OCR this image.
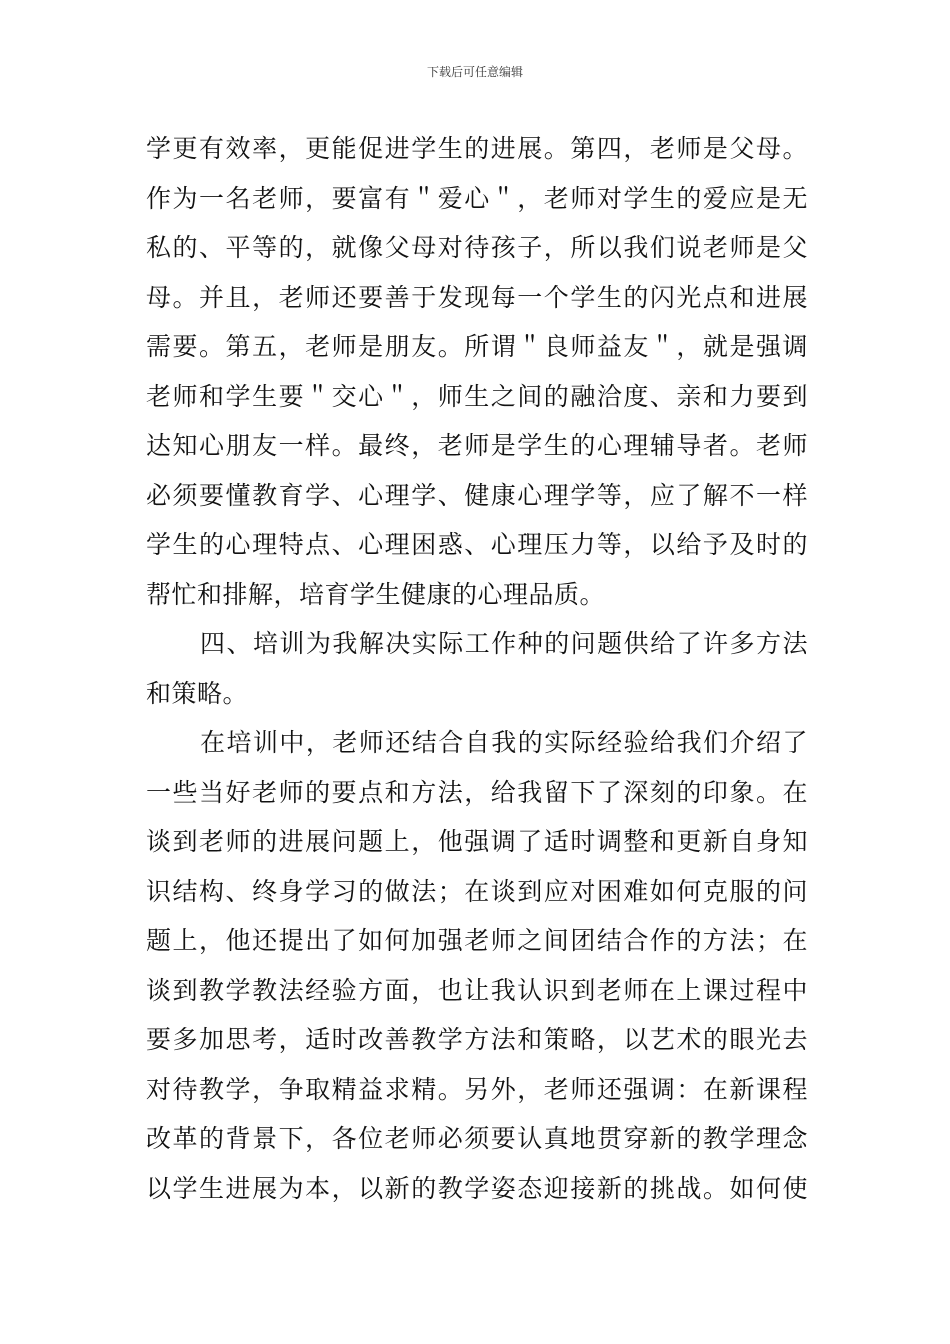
下载后可任意编辑
学更有效率，更能促进学生的进展。第四，老师是父母。
作为一名老师，要富有＂爱心＂，老师对学生的爱应是无
私的、平等的，就像父母对待孩子，所以我们说老师是父
母。并且，老师还要善于发现每一个学生的闪光点和进展
需要。第五，老师是朋友。所谓＂良师益友＂，就是强调
老师和学生要＂交心＂，师生之间的融洽度、亲和力要到
达知心朋友一样。最终，老师是学生的心理辅导者。老师
必须要懂教育学、心理学、健康心理学等，应了解不一样
学生的心理特点、心理困惑、心理压力等，以给予及时的
帮忙和排解，培育学生健康的心理品质。
四、培训为我解决实际工作种的问题供给了许多方法
和策略。
在培训中，老师还结合自我的实际经验给我们介绍了
一些当好老师的要点和方法，给我留下了深刻的印象。在
谈到老师的进展问题上，他强调了适时调整和更新自身知
识结构、终身学习的做法；在谈到应对困难如何克服的问
题上，他还提出了如何加强老师之间团结合作的方法；在
谈到教学教法经验方面，也让我认识到老师在上课过程中
要多加思考，适时改善教学方法和策略，以艺术的眼光去
对待教学，争取精益求精。另外，老师还强调：在新课程
改革的背景下，各位老师必须要认真地贯穿新的教学理念
以学生进展为本，以新的教学姿态迎接新的挑战。如何使
